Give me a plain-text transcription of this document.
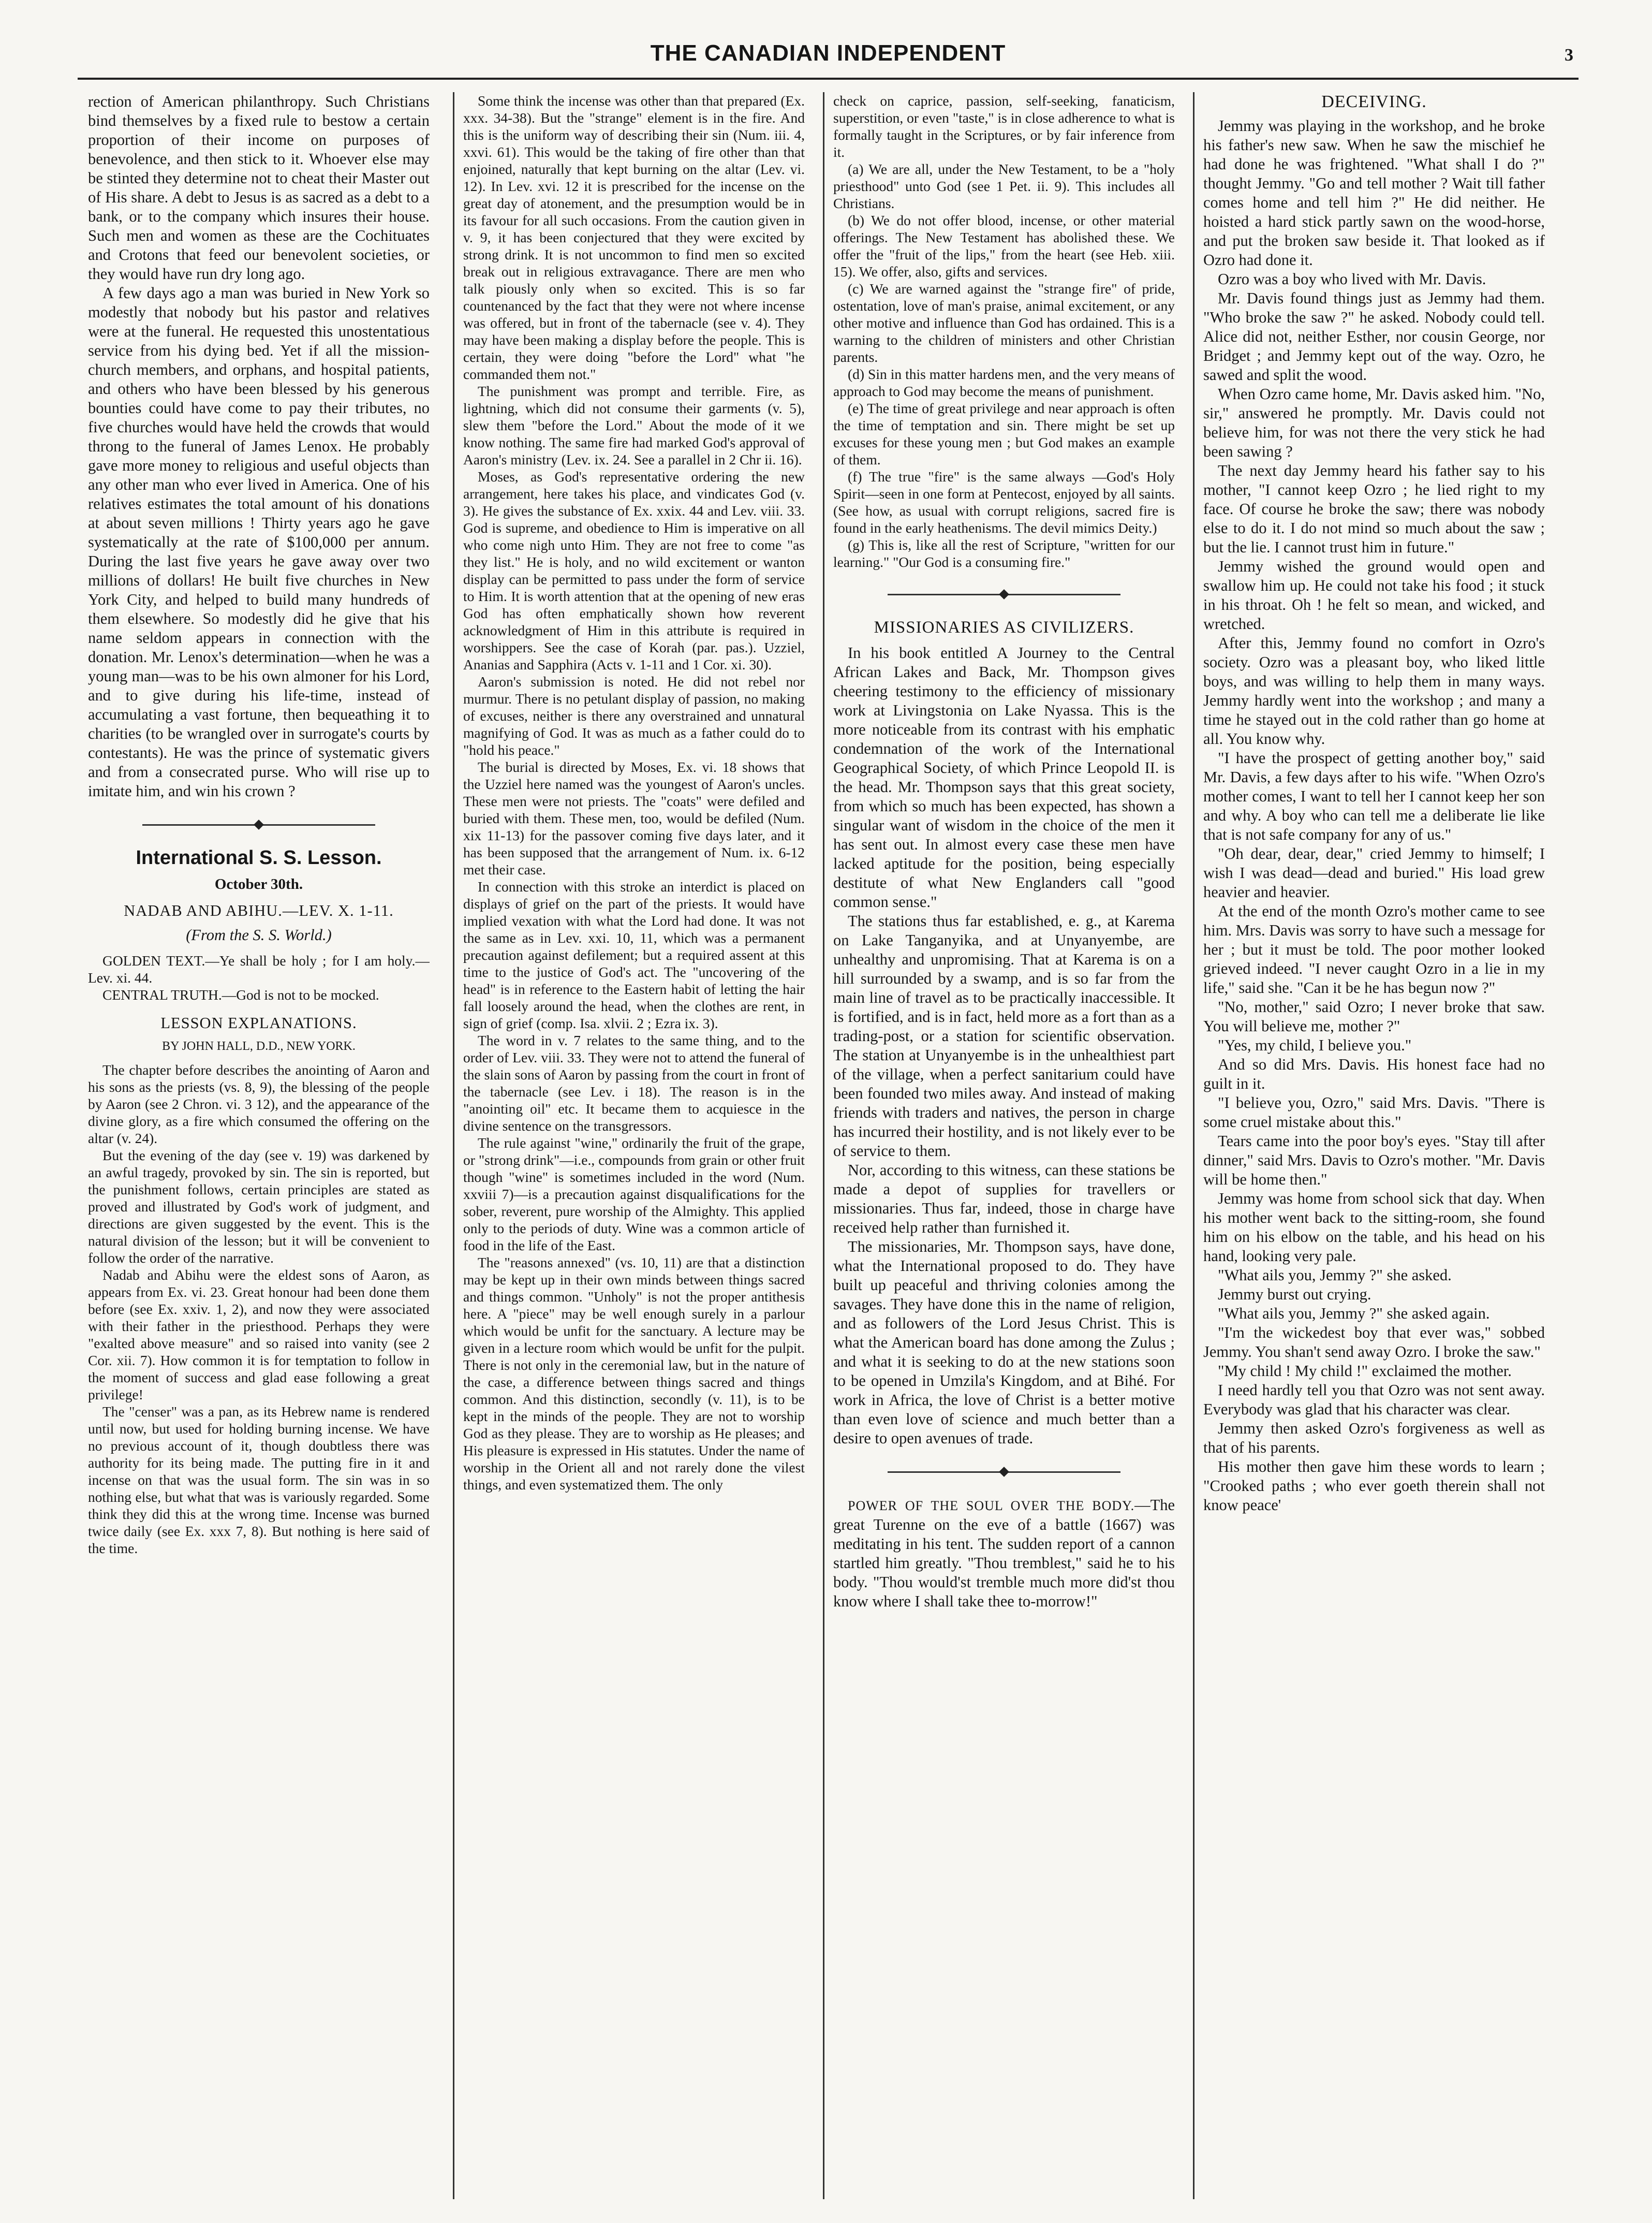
THE CANADIAN INDEPENDENT	3

rection of American philanthropy. Such Christians bind themselves by a fixed rule to bestow a certain proportion of their income on purposes of benevolence, and then stick to it. Whoever else may be stinted they determine not to cheat their Master out of His share. A debt to Jesus is as sacred as a debt to a bank, or to the company which insures their house. Such men and women as these are the Cochituates and Crotons that feed our benevolent societies, or they would have run dry long ago.

A few days ago a man was buried in New York so modestly that nobody but his pastor and relatives were at the funeral. He requested this unostentatious service from his dying bed. Yet if all the mission-church members, and orphans, and hospital patients, and others who have been blessed by his generous bounties could have come to pay their tributes, no five churches would have held the crowds that would throng to the funeral of James Lenox. He probably gave more money to religious and useful objects than any other man who ever lived in America. One of his relatives estimates the total amount of his donations at about seven millions ! Thirty years ago he gave systematically at the rate of $100,000 per annum. During the last five years he gave away over two millions of dollars! He built five churches in New York City, and helped to build many hundreds of them elsewhere. So modestly did he give that his name seldom appears in connection with the donation. Mr. Lenox's determination—when he was a young man—was to be his own almoner for his Lord, and to give during his life-time, instead of accumulating a vast fortune, then bequeathing it to charities (to be wrangled over in surrogate's courts by contestants). He was the prince of systematic givers and from a consecrated purse. Who will rise up to imitate him, and win his crown ?

International S. S. Lesson.

October 30th.

NADAB AND ABIHU.—LEV. X. 1-11.

(From the S. S. World.)

GOLDEN TEXT.—Ye shall be holy ; for I am holy.—Lev. xi. 44.

CENTRAL TRUTH.—God is not to be mocked.

LESSON EXPLANATIONS.

BY JOHN HALL, D.D., NEW YORK.

The chapter before describes the anointing of Aaron and his sons as the priests (vs. 8, 9), the blessing of the people by Aaron (see 2 Chron. vi. 3 12), and the appearance of the divine glory, as a fire which consumed the offering on the altar (v. 24).

But the evening of the day (see v. 19) was darkened by an awful tragedy, provoked by sin. The sin is reported, but the punishment follows, certain principles are stated as proved and illustrated by God's work of judgment, and directions are given suggested by the event. This is the natural division of the lesson; but it will be convenient to follow the order of the narrative.

Nadab and Abihu were the eldest sons of Aaron, as appears from Ex. vi. 23. Great honour had been done them before (see Ex. xxiv. 1, 2), and now they were associated with their father in the priesthood. Perhaps they were "exalted above measure" and so raised into vanity (see 2 Cor. xii. 7). How common it is for temptation to follow in the moment of success and glad ease following a great privilege!

The "censer" was a pan, as its Hebrew name is rendered until now, but used for holding burning incense. We have no previous account of it, though doubtless there was authority for its being made. The putting fire in it and incense on that was the usual form. The sin was in so nothing else, but what that was is variously regarded. Some think they did this at the wrong time. Incense was burned twice daily (see Ex. xxx 7, 8). But nothing is here said of the time.

Some think the incense was other than that prepared (Ex. xxx. 34-38). But the "strange" element is in the fire. And this is the uniform way of describing their sin (Num. iii. 4, xxvi. 61). This would be the taking of fire other than that enjoined, naturally that kept burning on the altar (Lev. vi. 12). In Lev. xvi. 12 it is prescribed for the incense on the great day of atonement, and the presumption would be in its favour for all such occasions. From the caution given in v. 9, it has been conjectured that they were excited by strong drink. It is not uncommon to find men so excited break out in religious extravagance. There are men who talk piously only when so excited. This is so far countenanced by the fact that they were not where incense was offered, but in front of the tabernacle (see v. 4). They may have been making a display before the people. This is certain, they were doing "before the Lord" what "he commanded them not."

The punishment was prompt and terrible. Fire, as lightning, which did not consume their garments (v. 5), slew them "before the Lord." About the mode of it we know nothing. The same fire had marked God's approval of Aaron's ministry (Lev. ix. 24. See a parallel in 2 Chr ii. 16).

Moses, as God's representative ordering the new arrangement, here takes his place, and vindicates God (v. 3). He gives the substance of Ex. xxix. 44 and Lev. viii. 33. God is supreme, and obedience to Him is imperative on all who come nigh unto Him. They are not free to come "as they list." He is holy, and no wild excitement or wanton display can be permitted to pass under the form of service to Him. It is worth attention that at the opening of new eras God has often emphatically shown how reverent acknowledgment of Him in this attribute is required in worshippers. See the case of Korah (par. pas.). Uzziel, Ananias and Sapphira (Acts v. 1-11 and 1 Cor. xi. 30).

Aaron's submission is noted. He did not rebel nor murmur. There is no petulant display of passion, no making of excuses, neither is there any overstrained and unnatural magnifying of God. It was as much as a father could do to "hold his peace."

The burial is directed by Moses, Ex. vi. 18 shows that the Uzziel here named was the youngest of Aaron's uncles. These men were not priests. The "coats" were defiled and buried with them. These men, too, would be defiled (Num. xix 11-13) for the passover coming five days later, and it has been supposed that the arrangement of Num. ix. 6-12 met their case.

In connection with this stroke an interdict is placed on displays of grief on the part of the priests. It would have implied vexation with what the Lord had done. It was not the same as in Lev. xxi. 10, 11, which was a permanent precaution against defilement; but a required assent at this time to the justice of God's act. The "uncovering of the head" is in reference to the Eastern habit of letting the hair fall loosely around the head, when the clothes are rent, in sign of grief (comp. Isa. xlvii. 2 ; Ezra ix. 3).

The word in v. 7 relates to the same thing, and to the order of Lev. viii. 33. They were not to attend the funeral of the slain sons of Aaron by passing from the court in front of the tabernacle (see Lev. i 18). The reason is in the "anointing oil" etc. It became them to acquiesce in the divine sentence on the transgressors.

The rule against "wine," ordinarily the fruit of the grape, or "strong drink"—i.e., compounds from grain or other fruit though "wine" is sometimes included in the word (Num. xxviii 7)—is a precaution against disqualifications for the sober, reverent, pure worship of the Almighty. This applied only to the periods of duty. Wine was a common article of food in the life of the East.

The "reasons annexed" (vs. 10, 11) are that a distinction may be kept up in their own minds between things sacred and things common. "Unholy" is not the proper antithesis here. A "piece" may be well enough surely in a parlour which would be unfit for the sanctuary. A lecture may be given in a lecture room which would be unfit for the pulpit. There is not only in the ceremonial law, but in the nature of the case, a difference between things sacred and things common. And this distinction, secondly (v. 11), is to be kept in the minds of the people. They are not to worship God as they please. They are to worship as He pleases; and His pleasure is expressed in His statutes. Under the name of worship in the Orient all and not rarely done the vilest things, and even systematized them. The only

check on caprice, passion, self-seeking, fanaticism, superstition, or even "taste," is in close adherence to what is formally taught in the Scriptures, or by fair inference from it.

(a) We are all, under the New Testament, to be a "holy priesthood" unto God (see 1 Pet. ii. 9). This includes all Christians.

(b) We do not offer blood, incense, or other material offerings. The New Testament has abolished these. We offer the "fruit of the lips," from the heart (see Heb. xiii. 15). We offer, also, gifts and services.

(c) We are warned against the "strange fire" of pride, ostentation, love of man's praise, animal excitement, or any other motive and influence than God has ordained. This is a warning to the children of ministers and other Christian parents.

(d) Sin in this matter hardens men, and the very means of approach to God may become the means of punishment.

(e) The time of great privilege and near approach is often the time of temptation and sin. There might be set up excuses for these young men ; but God makes an example of them.

(f) The true "fire" is the same always —God's Holy Spirit—seen in one form at Pentecost, enjoyed by all saints. (See how, as usual with corrupt religions, sacred fire is found in the early heathenisms. The devil mimics Deity.)

(g) This is, like all the rest of Scripture, "written for our learning." "Our God is a consuming fire."

MISSIONARIES AS CIVILIZERS.

In his book entitled A Journey to the Central African Lakes and Back, Mr. Thompson gives cheering testimony to the efficiency of missionary work at Livingstonia on Lake Nyassa. This is the more noticeable from its contrast with his emphatic condemnation of the work of the International Geographical Society, of which Prince Leopold II. is the head. Mr. Thompson says that this great society, from which so much has been expected, has shown a singular want of wisdom in the choice of the men it has sent out. In almost every case these men have lacked aptitude for the position, being especially destitute of what New Englanders call "good common sense."

The stations thus far established, e. g., at Karema on Lake Tanganyika, and at Unyanyembe, are unhealthy and unpromising. That at Karema is on a hill surrounded by a swamp, and is so far from the main line of travel as to be practically inaccessible. It is fortified, and is in fact, held more as a fort than as a trading-post, or a station for scientific observation. The station at Unyanyembe is in the unhealthiest part of the village, when a perfect sanitarium could have been founded two miles away. And instead of making friends with traders and natives, the person in charge has incurred their hostility, and is not likely ever to be of service to them.

Nor, according to this witness, can these stations be made a depot of supplies for travellers or missionaries. Thus far, indeed, those in charge have received help rather than furnished it.

The missionaries, Mr. Thompson says, have done, what the International proposed to do. They have built up peaceful and thriving colonies among the savages. They have done this in the name of religion, and as followers of the Lord Jesus Christ. This is what the American board has done among the Zulus ; and what it is seeking to do at the new stations soon to be opened in Umzila's Kingdom, and at Bihé. For work in Africa, the love of Christ is a better motive than even love of science and much better than a desire to open avenues of trade.

POWER OF THE SOUL OVER THE BODY.—The great Turenne on the eve of a battle (1667) was meditating in his tent. The sudden report of a cannon startled him greatly. "Thou tremblest," said he to his body. "Thou would'st tremble much more did'st thou know where I shall take thee to-morrow!"

DECEIVING.

Jemmy was playing in the workshop, and he broke his father's new saw. When he saw the mischief he had done he was frightened. "What shall I do ?" thought Jemmy. "Go and tell mother ? Wait till father comes home and tell him ?" He did neither. He hoisted a hard stick partly sawn on the wood-horse, and put the broken saw beside it. That looked as if Ozro had done it.

Ozro was a boy who lived with Mr. Davis.

Mr. Davis found things just as Jemmy had them. "Who broke the saw ?" he asked. Nobody could tell. Alice did not, neither Esther, nor cousin George, nor Bridget ; and Jemmy kept out of the way. Ozro, he sawed and split the wood.

When Ozro came home, Mr. Davis asked him. "No, sir," answered he promptly. Mr. Davis could not believe him, for was not there the very stick he had been sawing ?

The next day Jemmy heard his father say to his mother, "I cannot keep Ozro ; he lied right to my face. Of course he broke the saw; there was nobody else to do it. I do not mind so much about the saw ; but the lie. I cannot trust him in future."

Jemmy wished the ground would open and swallow him up. He could not take his food ; it stuck in his throat. Oh ! he felt so mean, and wicked, and wretched.

After this, Jemmy found no comfort in Ozro's society. Ozro was a pleasant boy, who liked little boys, and was willing to help them in many ways. Jemmy hardly went into the workshop ; and many a time he stayed out in the cold rather than go home at all. You know why.

"I have the prospect of getting another boy," said Mr. Davis, a few days after to his wife. "When Ozro's mother comes, I want to tell her I cannot keep her son and why. A boy who can tell me a deliberate lie like that is not safe company for any of us."

"Oh dear, dear, dear," cried Jemmy to himself; I wish I was dead—dead and buried." His load grew heavier and heavier.

At the end of the month Ozro's mother came to see him. Mrs. Davis was sorry to have such a message for her ; but it must be told. The poor mother looked grieved indeed. "I never caught Ozro in a lie in my life," said she. "Can it be he has begun now ?"

"No, mother," said Ozro; I never broke that saw. You will believe me, mother ?"

"Yes, my child, I believe you."

And so did Mrs. Davis. His honest face had no guilt in it.

"I believe you, Ozro," said Mrs. Davis. "There is some cruel mistake about this."

Tears came into the poor boy's eyes. "Stay till after dinner," said Mrs. Davis to Ozro's mother. "Mr. Davis will be home then."

Jemmy was home from school sick that day. When his mother went back to the sitting-room, she found him on his elbow on the table, and his head on his hand, looking very pale.

"What ails you, Jemmy ?" she asked.

Jemmy burst out crying.

"What ails you, Jemmy ?" she asked again.

"I'm the wickedest boy that ever was," sobbed Jemmy. You shan't send away Ozro. I broke the saw."

"My child ! My child !" exclaimed the mother.

I need hardly tell you that Ozro was not sent away. Everybody was glad that his character was clear.

Jemmy then asked Ozro's forgiveness as well as that of his parents.

His mother then gave him these words to learn ; "Crooked paths ; who ever goeth therein shall not know peace'
